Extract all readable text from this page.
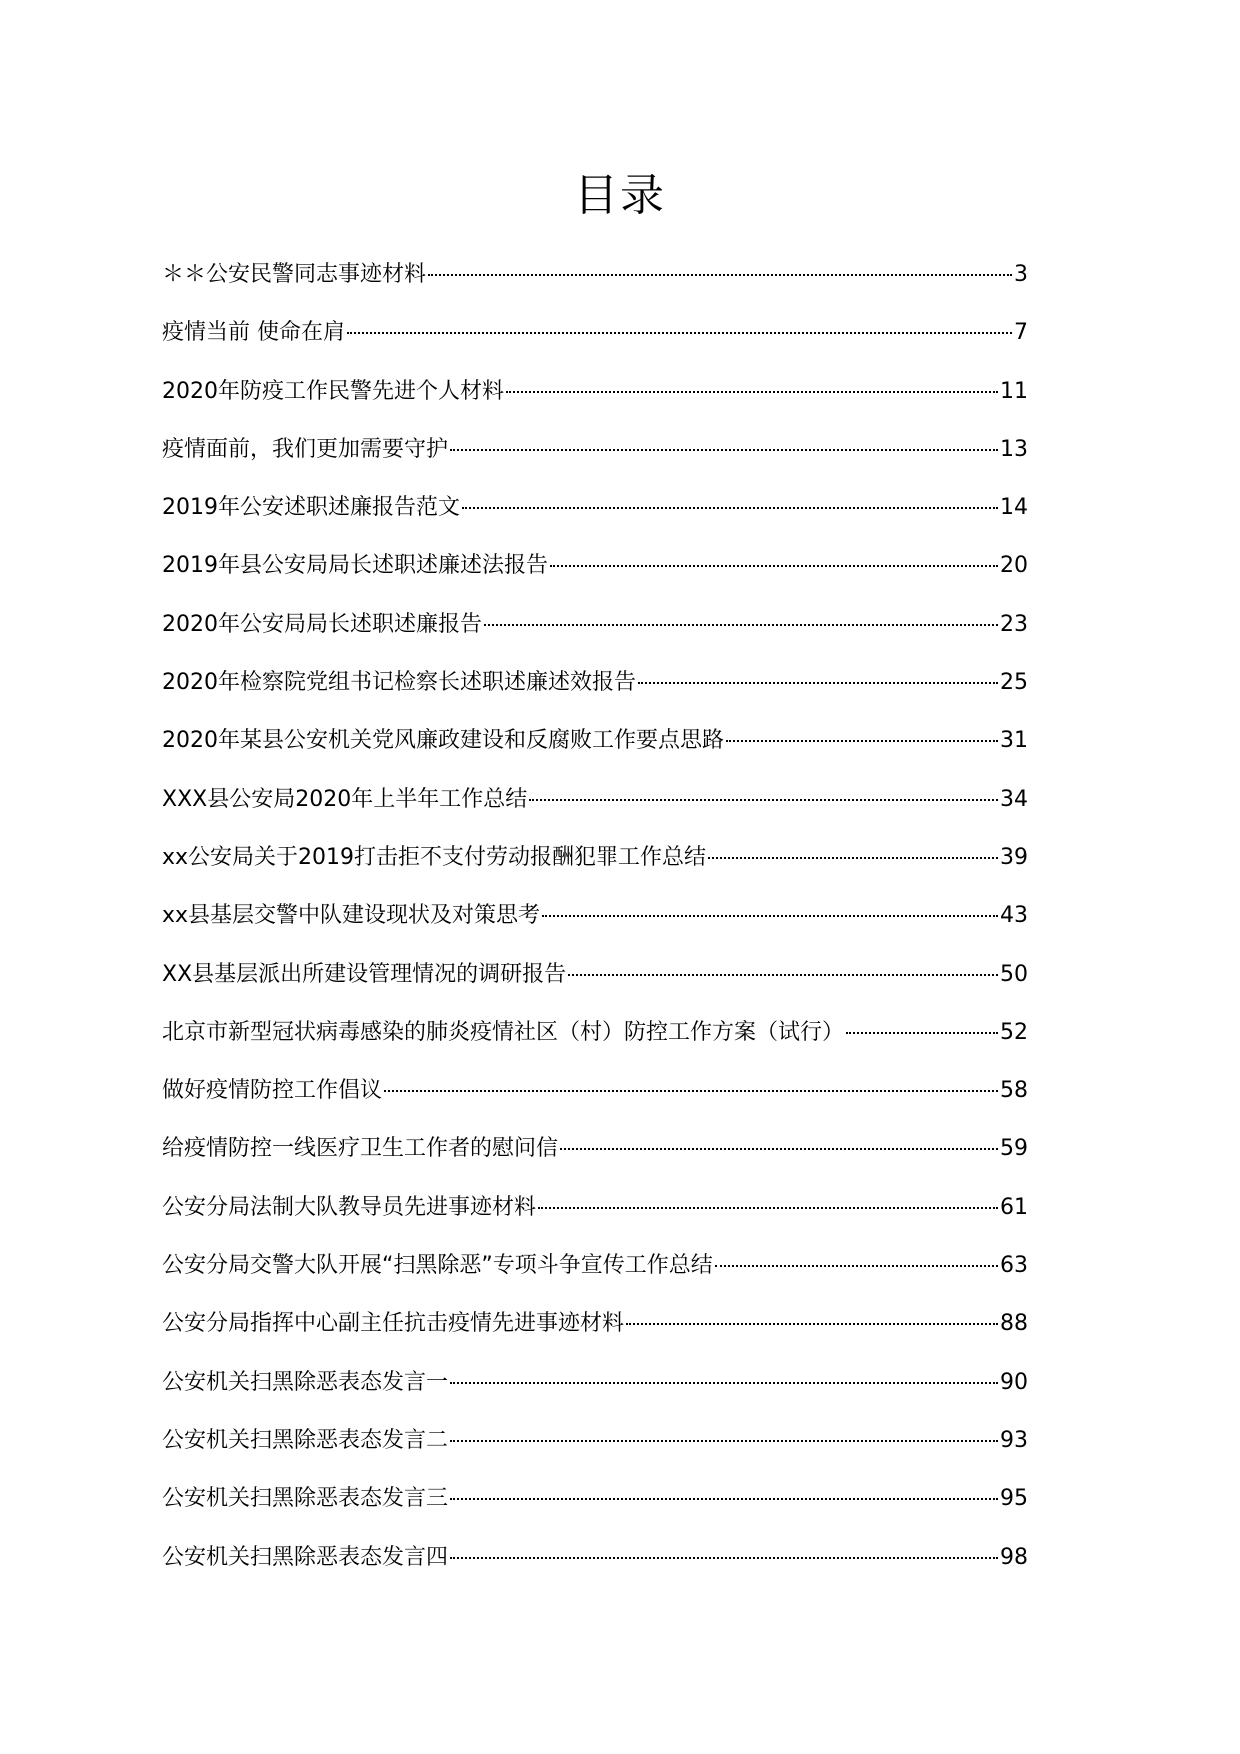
目录
＊＊公安民警同志事迹材料	3
疫情当前 使命在肩	7
2020年防疫工作民警先进个人材料	11
疫情面前，我们更加需要守护	13
2019年公安述职述廉报告范文	14
2019年县公安局局长述职述廉述法报告	20
2020年公安局局长述职述廉报告	23
2020年检察院党组书记检察长述职述廉述效报告	25
2020年某县公安机关党风廉政建设和反腐败工作要点思路	31
XXX县公安局2020年上半年工作总结	34
xx公安局关于2019打击拒不支付劳动报酬犯罪工作总结	39
xx县基层交警中队建设现状及对策思考	43
XX县基层派出所建设管理情况的调研报告	50
北京市新型冠状病毒感染的肺炎疫情社区（村）防控工作方案（试行）	52
做好疫情防控工作倡议	58
给疫情防控一线医疗卫生工作者的慰问信	59
公安分局法制大队教导员先进事迹材料	61
公安分局交警大队开展“扫黑除恶”专项斗争宣传工作总结	63
公安分局指挥中心副主任抗击疫情先进事迹材料	88
公安机关扫黑除恶表态发言一	90
公安机关扫黑除恶表态发言二	93
公安机关扫黑除恶表态发言三	95
公安机关扫黑除恶表态发言四	98
